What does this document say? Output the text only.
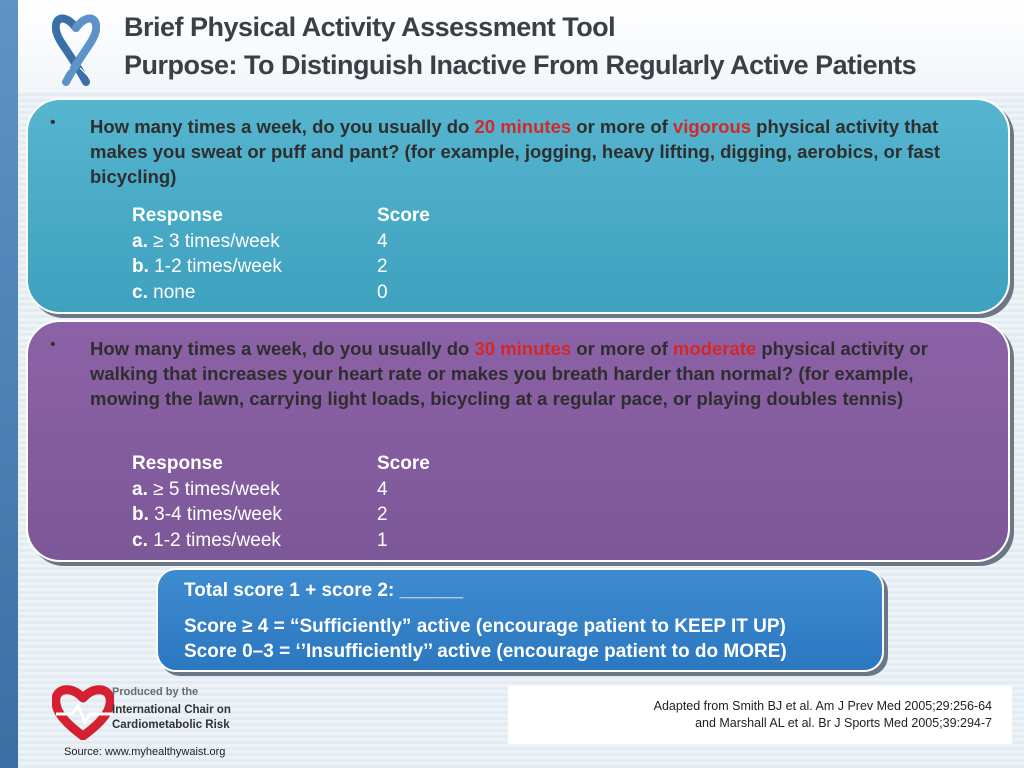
Brief Physical Activity Assessment Tool
Purpose: To Distinguish Inactive From Regularly Active Patients
• How many times a week, do you usually do 20 minutes or more of vigorous physical activity that makes you sweat or puff and pant? (for example, jogging, heavy lifting, digging, aerobics, or fast bicycling)
Response	Score
a. ≥ 3 times/week	4
b. 1-2 times/week	2
c. none	0
• How many times a week, do you usually do 30 minutes or more of moderate physical activity or walking that increases your heart rate or makes you breath harder than normal? (for example, mowing the lawn, carrying light loads, bicycling at a regular pace, or playing doubles tennis)
Response	Score
a. ≥ 5 times/week	4
b. 3-4 times/week	2
c. 1-2 times/week	1
Total score 1 + score 2: ______
Score ≥ 4 = “Sufficiently” active (encourage patient to KEEP IT UP)
Score 0–3 = ‘’Insufficiently’’ active (encourage patient to do MORE)
Produced by the
International Chair on
Cardiometabolic Risk
Source: www.myhealthywaist.org
Adapted from Smith BJ et al. Am J Prev Med 2005;29:256-64
and Marshall AL et al. Br J Sports Med 2005;39:294-7
